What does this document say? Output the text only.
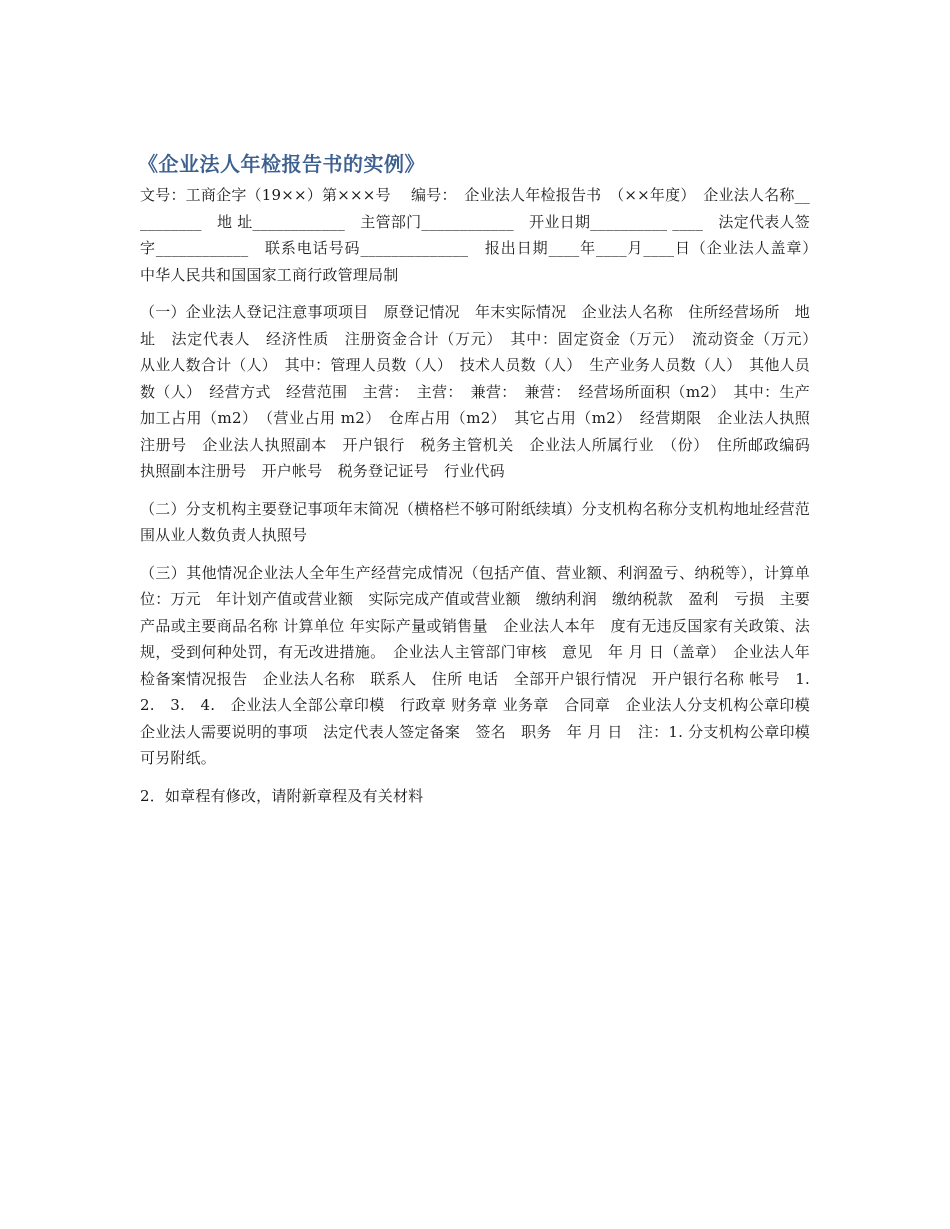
《企业法人年检报告书的实例》

文号：工商企字（19××）第×××号　 编号：　企业法人年检报告书　（××年度）　企业法人名称__________　地 址____________　主管部门____________　开业日期__________ ____　法定代表人签字____________　联系电话号码______________　报出日期____年____月____日（企业法人盖章）　中华人民共和国国家工商行政管理局制

（一）企业法人登记注意事项项目　原登记情况　年末实际情况　企业法人名称　住所经营场所　地址　法定代表人　经济性质　注册资金合计（万元）　其中：固定资金（万元）　流动资金（万元）　从业人数合计（人）　其中：管理人员数（人）　技术人员数（人）　生产业务人员数（人）　其他人员数（人）　经营方式　经营范围　主营：　主营：　兼营：　兼营：　经营场所面积（m2）　其中：生产加工占用（m2）　（营业占用 m2）　仓库占用（m2）　其它占用（m2）　经营期限　企业法人执照注册号　企业法人执照副本　开户银行　税务主管机关　企业法人所属行业　（份）　住所邮政编码　执照副本注册号　开户帐号　税务登记证号　行业代码

（二）分支机构主要登记事项年末简况（横格栏不够可附纸续填）分支机构名称分支机构地址经营范围从业人数负责人执照号

（三）其他情况企业法人全年生产经营完成情况（包括产值、营业额、利润盈亏、纳税等），计算单位：万元　年计划产值或营业额　实际完成产值或营业额　缴纳利润　缴纳税款　盈利　亏损　主要产品或主要商品名称 计算单位 年实际产量或销售量　企业法人本年　度有无违反国家有关政策、法规，受到何种处罚，有无改进措施。　企业法人主管部门审核　意见　年 月 日（盖章）　企业法人年检备案情况报告　企业法人名称　联系人　住所 电话　全部开户银行情况　开户银行名称 帐号　1.　2.　3.　4.　企业法人全部公章印模　行政章 财务章 业务章　合同章　企业法人分支机构公章印模　企业法人需要说明的事项　法定代表人签定备案　签名　职务　年 月 日　注：1. 分支机构公章印模可另附纸。

2．如章程有修改，请附新章程及有关材料
